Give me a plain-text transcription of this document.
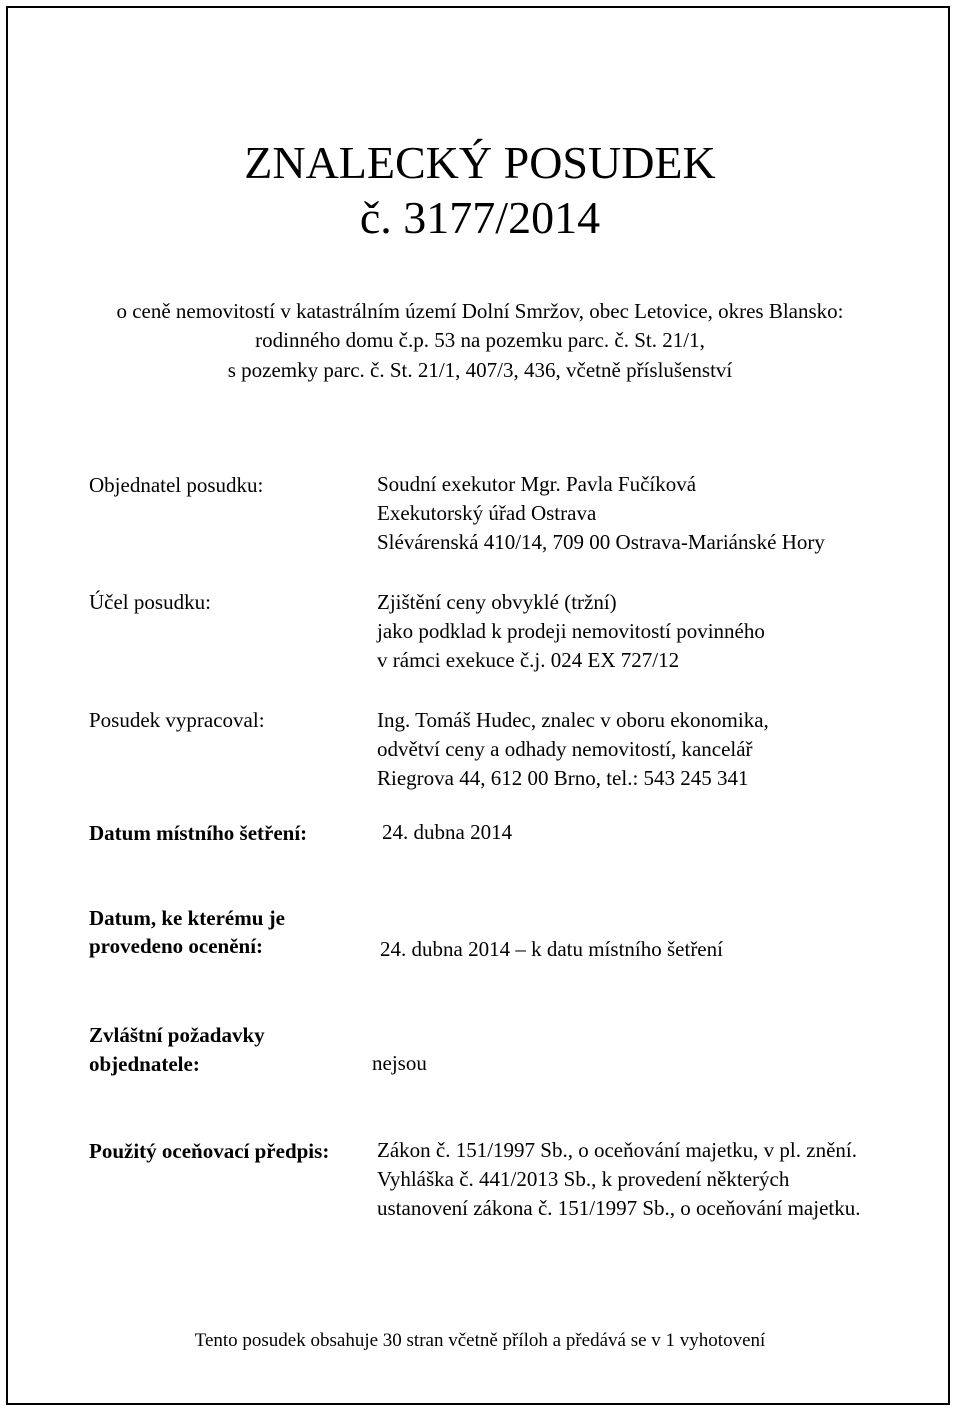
ZNALECKÝ POSUDEK
č. 3177/2014
o ceně nemovitostí v katastrálním území Dolní Smržov, obec Letovice, okres Blansko:
rodinného domu č.p. 53 na pozemku parc. č. St. 21/1,
s pozemky parc. č. St. 21/1, 407/3, 436, včetně příslušenství
Objednatel posudku:	Soudní exekutor Mgr. Pavla Fučíková
Exekutorský úřad Ostrava
Slévárenská 410/14, 709 00 Ostrava-Mariánské Hory
Účel posudku:	Zjištění ceny obvyklé (tržní)
jako podklad k prodeji nemovitostí povinného
v rámci exekuce č.j. 024 EX 727/12
Posudek vypracoval:	Ing. Tomáš Hudec, znalec v oboru ekonomika,
odvětví ceny a odhady nemovitostí, kancelář
Riegrova 44, 612 00 Brno, tel.: 543 245 341
Datum místního šetření:	24. dubna 2014
Datum, ke kterému je
provedeno ocenění:	24. dubna 2014 – k datu místního šetření
Zvláštní požadavky
objednatele:	nejsou
Použitý oceňovací předpis: Zákon č. 151/1997 Sb., o oceňování majetku, v pl. znění.
Vyhláška č. 441/2013 Sb., k provedení některých
ustanovení zákona č. 151/1997 Sb., o oceňování majetku.
Tento posudek obsahuje 30 stran včetně příloh a předává se v 1 vyhotovení
